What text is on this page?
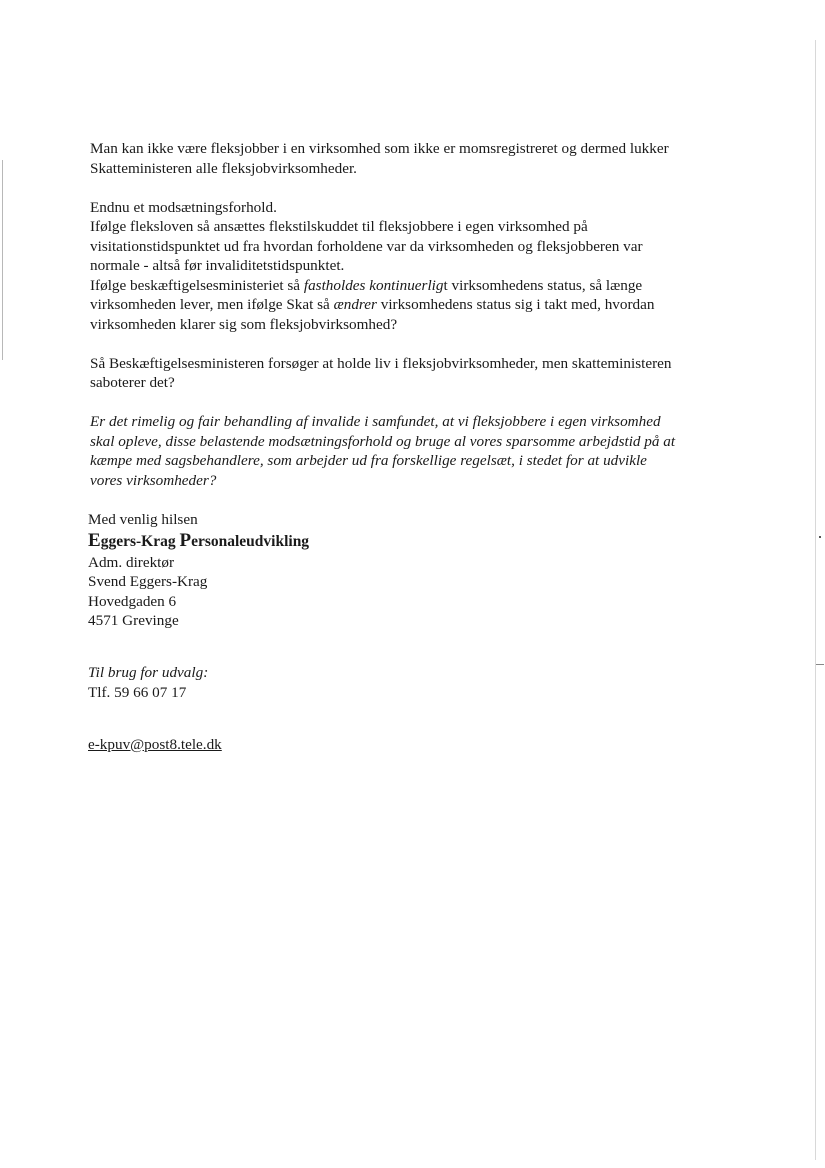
Man kan ikke være fleksjobber i en virksomhed som ikke er momsregistreret og dermed lukker
Skatteministeren alle fleksjobvirksomheder.
Endnu et modsætningsforhold.
Ifølge fleksloven så ansættes flekstilskuddet til fleksjobbere i egen virksomhed på
visitationstidspunktet ud fra hvordan forholdene var da virksomheden og fleksjobberen var
normale - altså før invaliditetstidspunktet.
Ifølge beskæftigelsesministeriet så fastholdes kontinuerligt virksomhedens status, så længe
virksomheden lever, men ifølge Skat så ændrer virksomhedens status sig i takt med, hvordan
virksomheden klarer sig som fleksjobvirksomhed?
Så Beskæftigelsesministeren forsøger at holde liv i fleksjobvirksomheder, men skatteministeren
saboterer det?
Er det rimelig og fair behandling af invalide i samfundet, at vi fleksjobbere i egen virksomhed
skal opleve, disse belastende modsætningsforhold og bruge al vores sparsomme arbejdstid på at
kæmpe med sagsbehandlere, som arbejder ud fra forskellige regelsæt, i stedet for at udvikle
vores virksomheder?
Med venlig hilsen
Eggers-Krag Personaleudvikling
Adm. direktør
Svend Eggers-Krag
Hovedgaden 6
4571 Grevinge
Til brug for udvalg:
Tlf. 59 66 07 17
e-kpuv@post8.tele.dk
